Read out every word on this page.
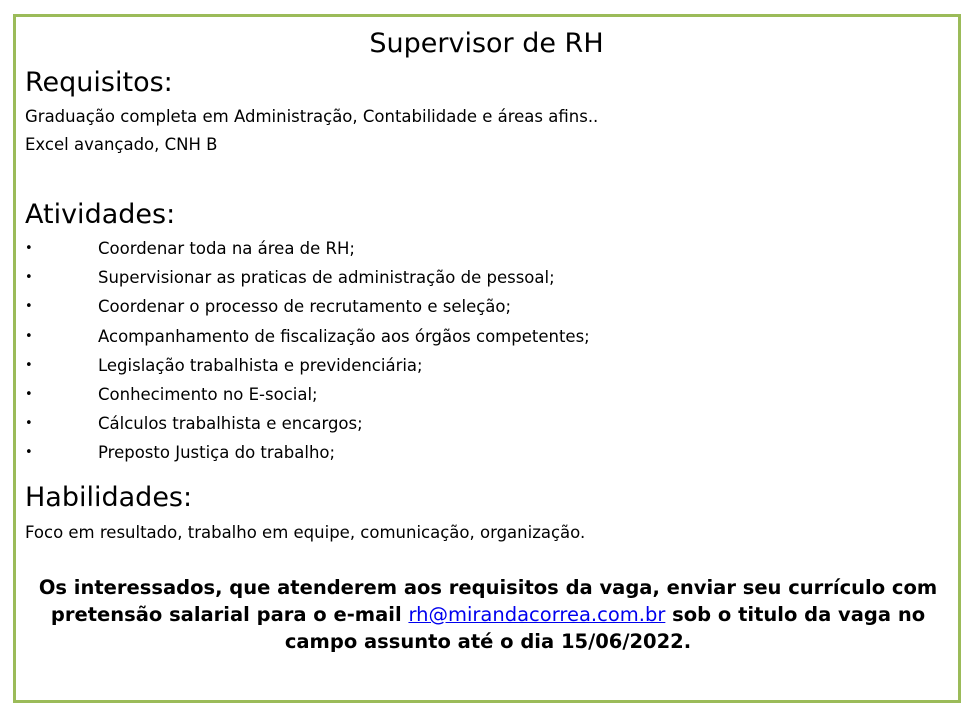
Supervisor de RH
Requisitos:
Graduação completa em Administração, Contabilidade e áreas afins..
Excel avançado, CNH B
Atividades:
•	Coordenar toda na área de RH;
•	Supervisionar as praticas de administração de pessoal;
•	Coordenar o processo de recrutamento e seleção;
•	Acompanhamento de fiscalização aos órgãos competentes;
•	Legislação trabalhista e previdenciária;
•	Conhecimento no E-social;
•	Cálculos trabalhista e encargos;
•	Preposto Justiça do trabalho;
Habilidades:
Foco em resultado, trabalho em equipe, comunicação, organização.
Os interessados, que atenderem aos requisitos da vaga, enviar seu currículo com pretensão salarial para o e-mail rh@mirandacorrea.com.br sob o titulo da vaga no campo assunto até o dia 15/06/2022.
